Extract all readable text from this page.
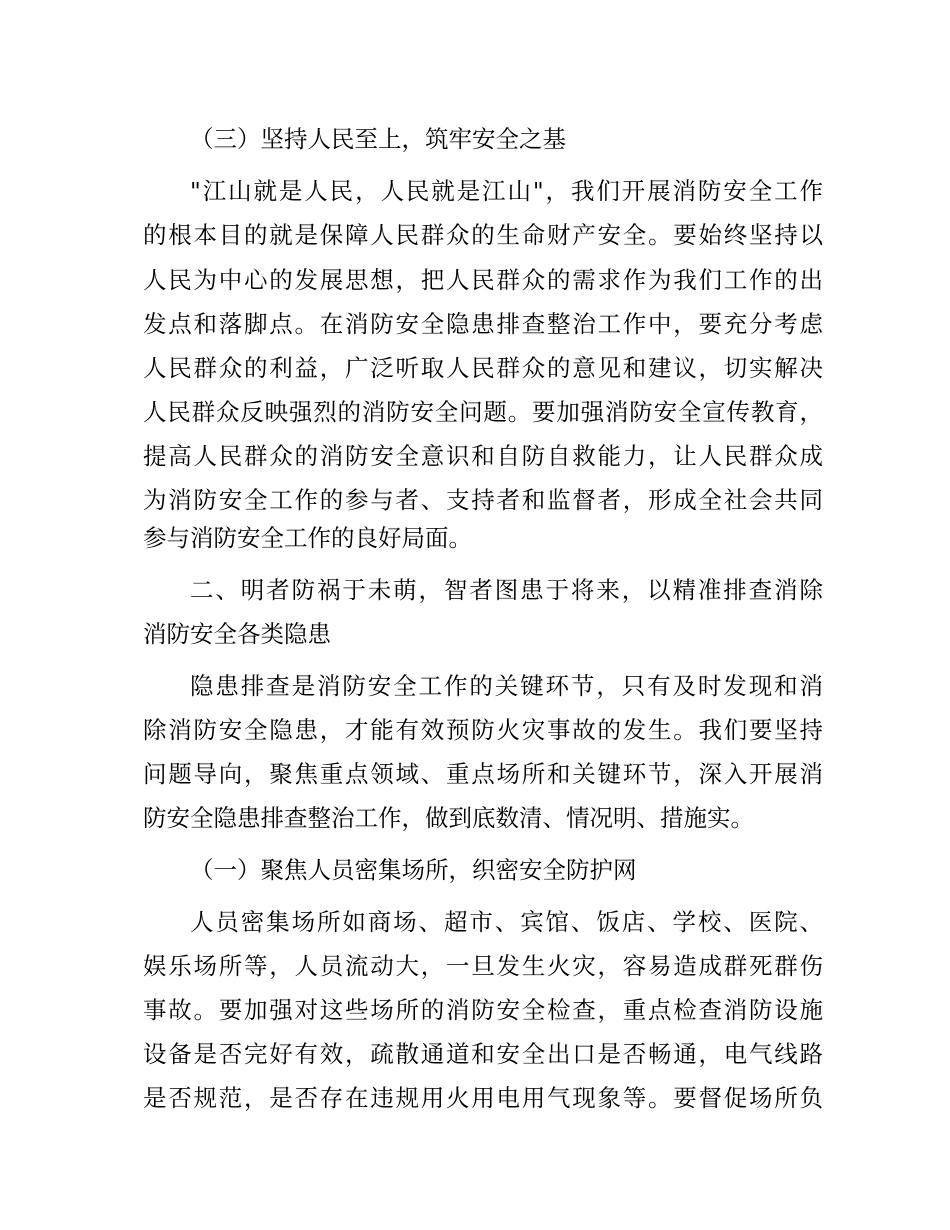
（三）坚持人民至上，筑牢安全之基
"江山就是人民，人民就是江山"，我们开展消防安全工作
的根本目的就是保障人民群众的生命财产安全。要始终坚持以
人民为中心的发展思想，把人民群众的需求作为我们工作的出
发点和落脚点。在消防安全隐患排查整治工作中，要充分考虑
人民群众的利益，广泛听取人民群众的意见和建议，切实解决
人民群众反映强烈的消防安全问题。要加强消防安全宣传教育，
提高人民群众的消防安全意识和自防自救能力，让人民群众成
为消防安全工作的参与者、支持者和监督者，形成全社会共同
参与消防安全工作的良好局面。
二、明者防祸于未萌，智者图患于将来，以精准排查消除
消防安全各类隐患
隐患排查是消防安全工作的关键环节，只有及时发现和消
除消防安全隐患，才能有效预防火灾事故的发生。我们要坚持
问题导向，聚焦重点领域、重点场所和关键环节，深入开展消
防安全隐患排查整治工作，做到底数清、情况明、措施实。
（一）聚焦人员密集场所，织密安全防护网
人员密集场所如商场、超市、宾馆、饭店、学校、医院、
娱乐场所等，人员流动大，一旦发生火灾，容易造成群死群伤
事故。要加强对这些场所的消防安全检查，重点检查消防设施
设备是否完好有效，疏散通道和安全出口是否畅通，电气线路
是否规范，是否存在违规用火用电用气现象等。要督促场所负
